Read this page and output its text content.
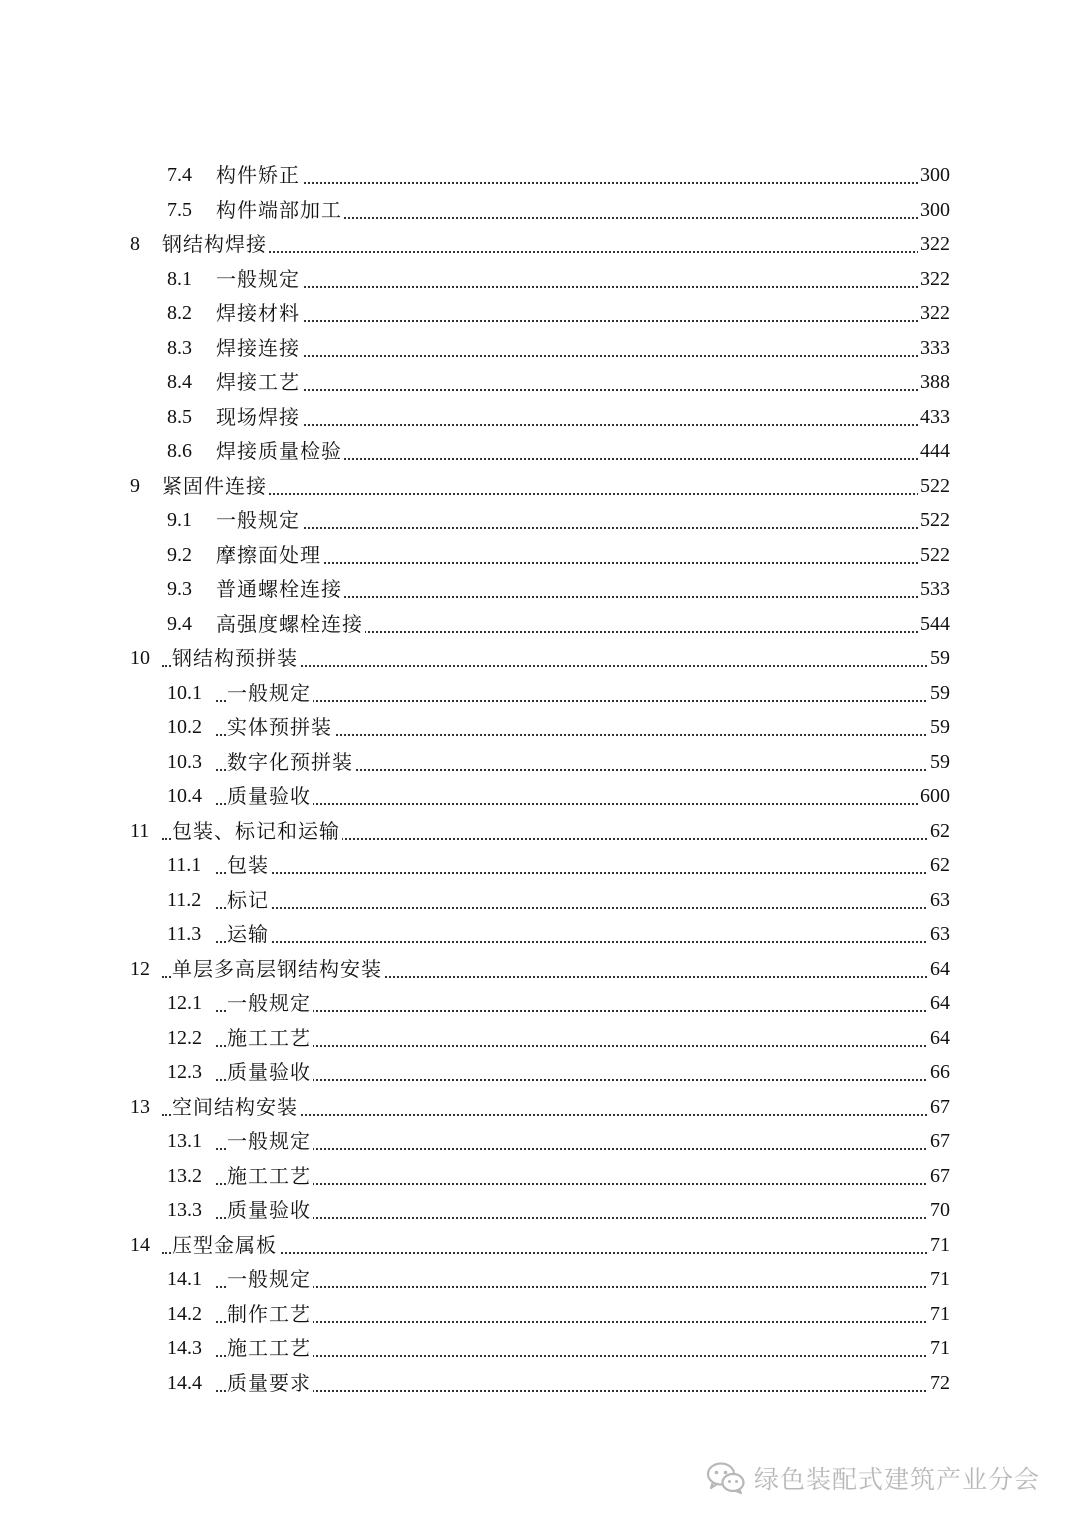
7.4 构件矫正	300
7.5 构件端部加工	300
8 钢结构焊接	322
8.1 一般规定	322
8.2 焊接材料	322
8.3 焊接连接	333
8.4 焊接工艺	388
8.5 现场焊接	433
8.6 焊接质量检验	444
9 紧固件连接	522
9.1 一般规定	522
9.2 摩擦面处理	522
9.3 普通螺栓连接	533
9.4 高强度螺栓连接	544
10 钢结构预拼装	59
10.1 一般规定	59
10.2 实体预拼装	59
10.3 数字化预拼装	59
10.4 质量验收	600
11 包装、标记和运输	62
11.1 包装	62
11.2 标记	63
11.3 运输	63
12 单层多高层钢结构安装	64
12.1 一般规定	64
12.2 施工工艺	64
12.3 质量验收	66
13 空间结构安装	67
13.1 一般规定	67
13.2 施工工艺	67
13.3 质量验收	70
14 压型金属板	71
14.1 一般规定	71
14.2 制作工艺	71
14.3 施工工艺	71
14.4 质量要求	72
绿色装配式建筑产业分会
